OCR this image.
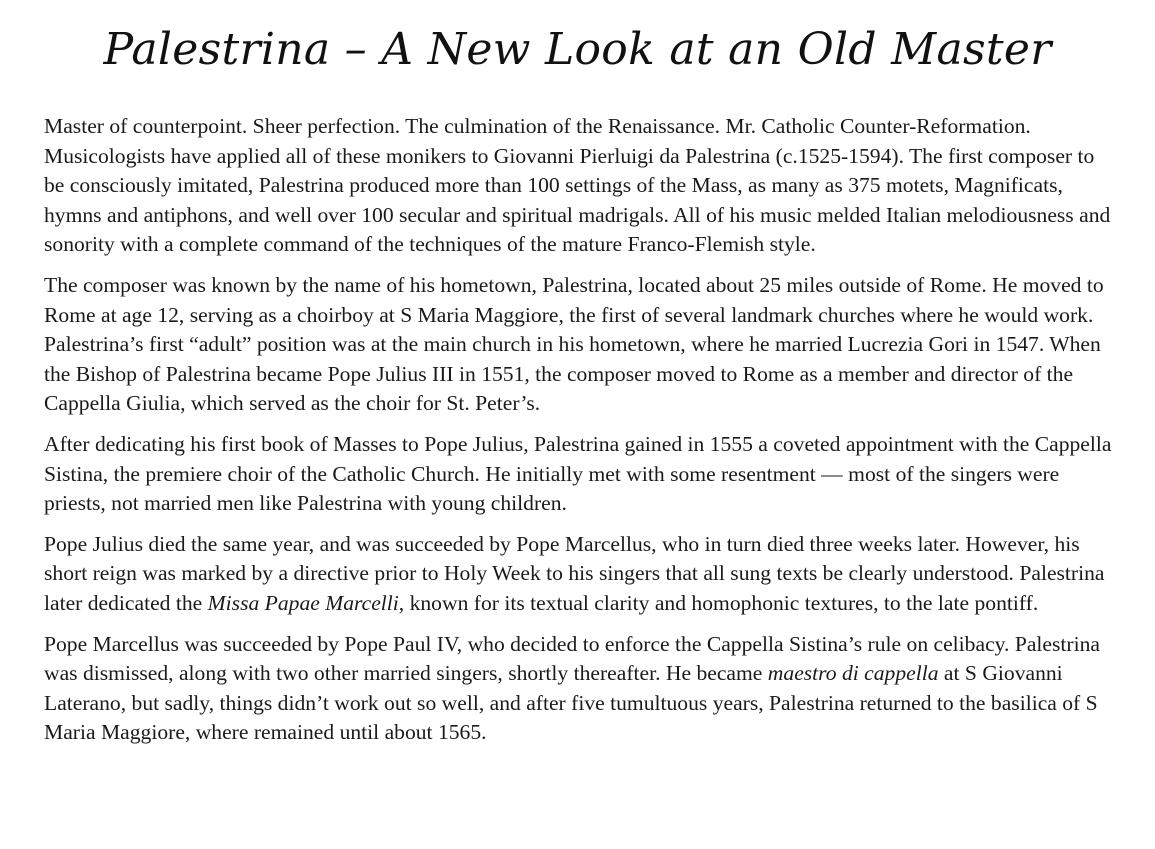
Palestrina – A New Look at an Old Master

Master of counterpoint. Sheer perfection. The culmination of the Renaissance. Mr. Catholic Counter-Reformation. Musicologists have applied all of these monikers to Giovanni Pierluigi da Palestrina (c.1525-1594). The first composer to be consciously imitated, Palestrina produced more than 100 settings of the Mass, as many as 375 motets, Magnificats, hymns and antiphons, and well over 100 secular and spiritual madrigals. All of his music melded Italian melodiousness and sonority with a complete command of the techniques of the mature Franco-Flemish style.

The composer was known by the name of his hometown, Palestrina, located about 25 miles outside of Rome. He moved to Rome at age 12, serving as a choirboy at S Maria Maggiore, the first of several landmark churches where he would work. Palestrina’s first “adult” position was at the main church in his hometown, where he married Lucrezia Gori in 1547. When the Bishop of Palestrina became Pope Julius III in 1551, the composer moved to Rome as a member and director of the Cappella Giulia, which served as the choir for St. Peter’s.

After dedicating his first book of Masses to Pope Julius, Palestrina gained in 1555 a coveted appointment with the Cappella Sistina, the premiere choir of the Catholic Church. He initially met with some resentment — most of the singers were priests, not married men like Palestrina with young children.

Pope Julius died the same year, and was succeeded by Pope Marcellus, who in turn died three weeks later. However, his short reign was marked by a directive prior to Holy Week to his singers that all sung texts be clearly understood. Palestrina later dedicated the Missa Papae Marcelli, known for its textual clarity and homophonic textures, to the late pontiff.

Pope Marcellus was succeeded by Pope Paul IV, who decided to enforce the Cappella Sistina’s rule on celibacy. Palestrina was dismissed, along with two other married singers, shortly thereafter. He became maestro di cappella at S Giovanni Laterano, but sadly, things didn’t work out so well, and after five tumultuous years, Palestrina returned to the basilica of S Maria Maggiore, where remained until about 1565.
